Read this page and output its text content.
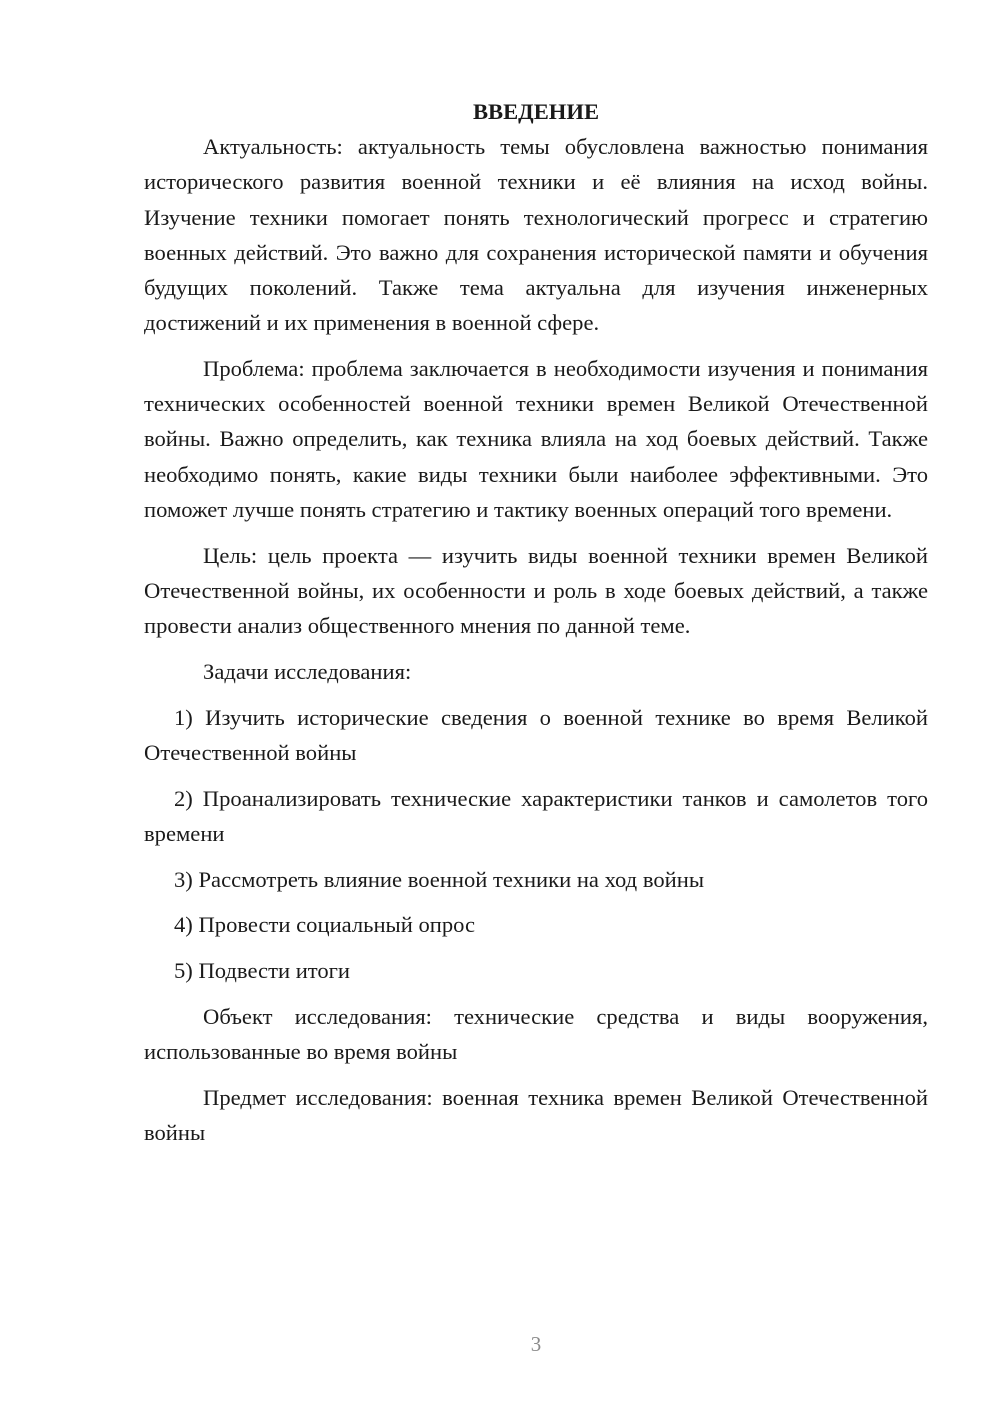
ВВЕДЕНИЕ

Актуальность: актуальность темы обусловлена важностью понимания исторического развития военной техники и её влияния на исход войны. Изучение техники помогает понять технологический прогресс и стратегию военных действий. Это важно для сохранения исторической памяти и обучения будущих поколений. Также тема актуальна для изучения инженерных достижений и их применения в военной сфере.

Проблема: проблема заключается в необходимости изучения и понимания технических особенностей военной техники времен Великой Отечественной войны. Важно определить, как техника влияла на ход боевых действий. Также необходимо понять, какие виды техники были наиболее эффективными. Это поможет лучше понять стратегию и тактику военных операций того времени.

Цель: цель проекта — изучить виды военной техники времен Великой Отечественной войны, их особенности и роль в ходе боевых действий, а также провести анализ общественного мнения по данной теме.

Задачи исследования:

1) Изучить исторические сведения о военной технике во время Великой Отечественной войны

2) Проанализировать технические характеристики танков и самолетов того времени

3) Рассмотреть влияние военной техники на ход войны

4) Провести социальный опрос

5) Подвести итоги

Объект исследования: технические средства и виды вооружения, использованные во время войны

Предмет исследования: военная техника времен Великой Отечественной войны

3
